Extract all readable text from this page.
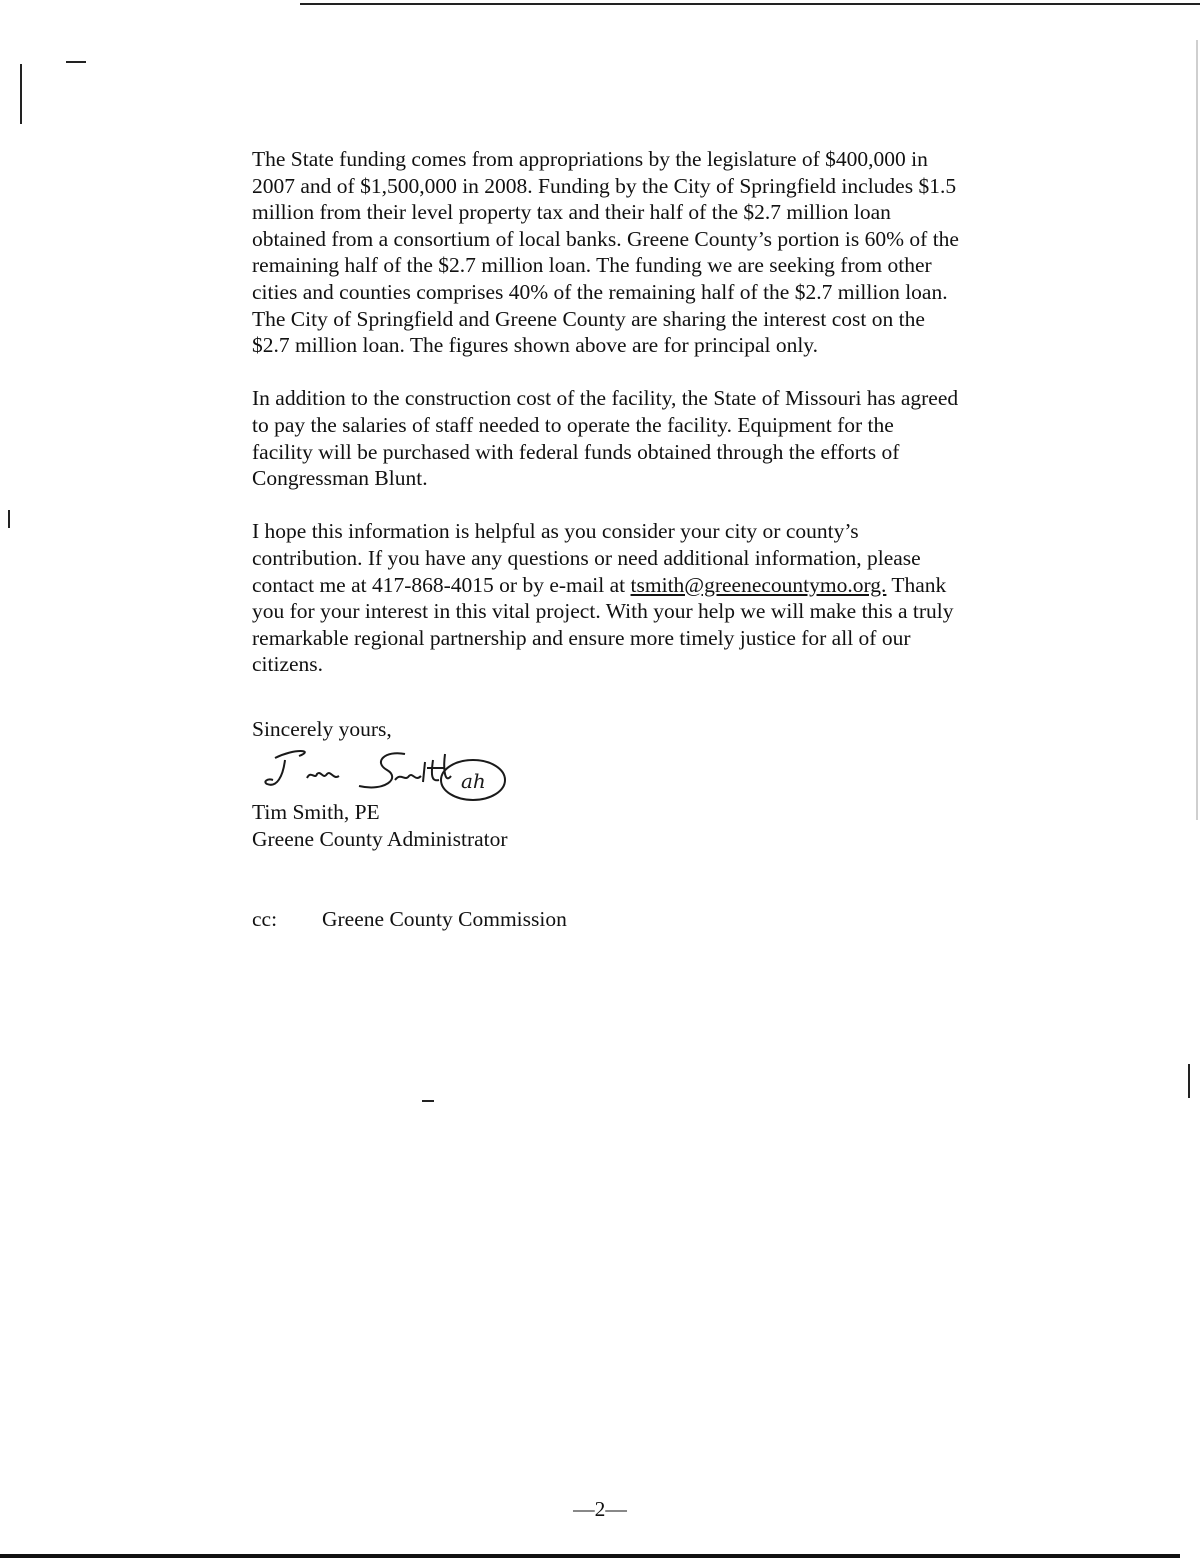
The State funding comes from appropriations by the legislature of $400,000 in
2007 and of $1,500,000 in 2008. Funding by the City of Springfield includes $1.5
million from their level property tax and their half of the $2.7 million loan
obtained from a consortium of local banks. Greene County’s portion is 60% of the
remaining half of the $2.7 million loan. The funding we are seeking from other
cities and counties comprises 40% of the remaining half of the $2.7 million loan.
The City of Springfield and Greene County are sharing the interest cost on the
$2.7 million loan. The figures shown above are for principal only.

In addition to the construction cost of the facility, the State of Missouri has agreed
to pay the salaries of staff needed to operate the facility. Equipment for the
facility will be purchased with federal funds obtained through the efforts of
Congressman Blunt.

I hope this information is helpful as you consider your city or county’s
contribution. If you have any questions or need additional information, please
contact me at 417-868-4015 or by e-mail at tsmith@greenecountymo.org. Thank
you for your interest in this vital project. With your help we will make this a truly
remarkable regional partnership and ensure more timely justice for all of our
citizens.

Sincerely yours,
ah
Tim Smith, PE
Greene County Administrator
cc: Greene County Commission
—2—
